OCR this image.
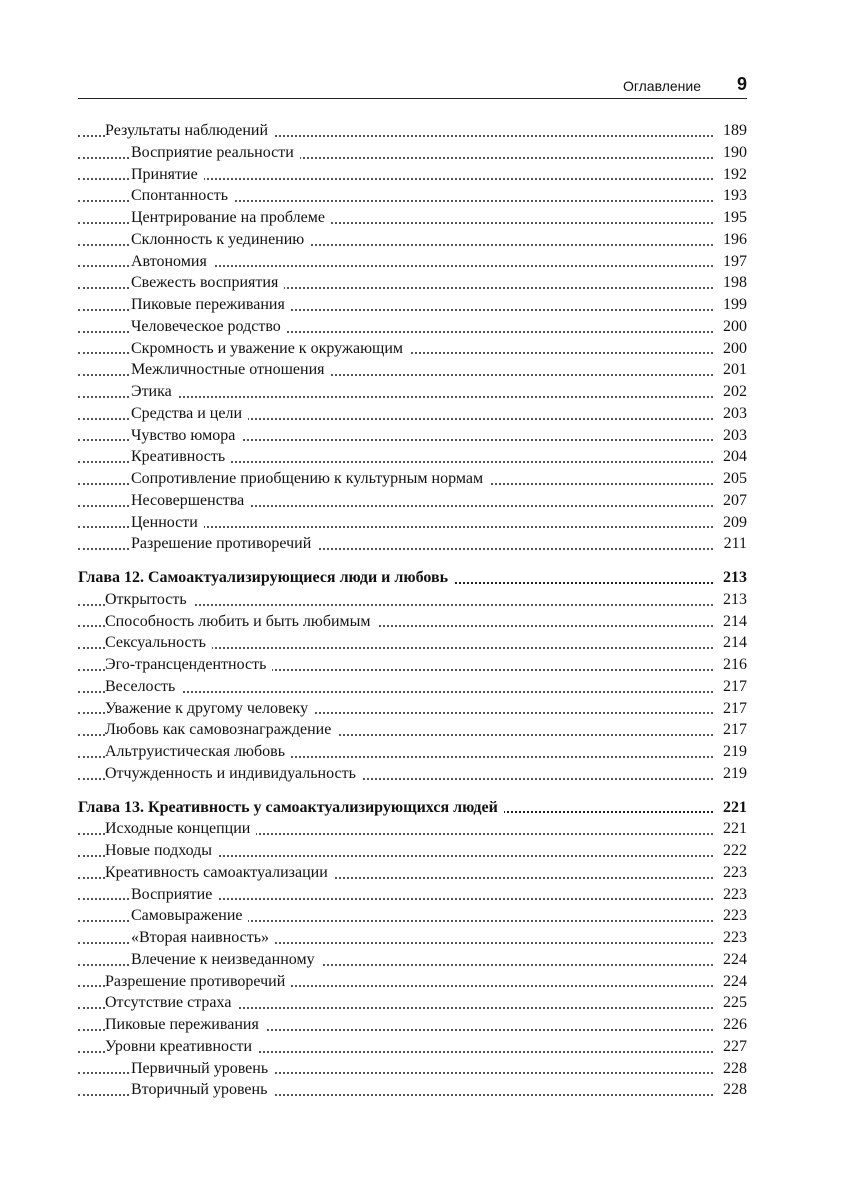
Оглавление 9
Результаты наблюдений	189
Восприятие реальности	190
Принятие	192
Спонтанность	193
Центрирование на проблеме	195
Склонность к уединению	196
Автономия	197
Свежесть восприятия	198
Пиковые переживания	199
Человеческое родство	200
Скромность и уважение к окружающим	200
Межличностные отношения	201
Этика	202
Средства и цели	203
Чувство юмора	203
Креативность	204
Сопротивление приобщению к культурным нормам	205
Несовершенства	207
Ценности	209
Разрешение противоречий	211
Глава 12. Самоактуализирующиеся люди и любовь	213
Открытость	213
Способность любить и быть любимым	214
Сексуальность	214
Эго-трансцендентность	216
Веселость	217
Уважение к другому человеку	217
Любовь как самовознаграждение	217
Альтруистическая любовь	219
Отчужденность и индивидуальность	219
Глава 13. Креативность у самоактуализирующихся людей	221
Исходные концепции	221
Новые подходы	222
Креативность самоактуализации	223
Восприятие	223
Самовыражение	223
«Вторая наивность»	223
Влечение к неизведанному	224
Разрешение противоречий	224
Отсутствие страха	225
Пиковые переживания	226
Уровни креативности	227
Первичный уровень	228
Вторичный уровень	228
